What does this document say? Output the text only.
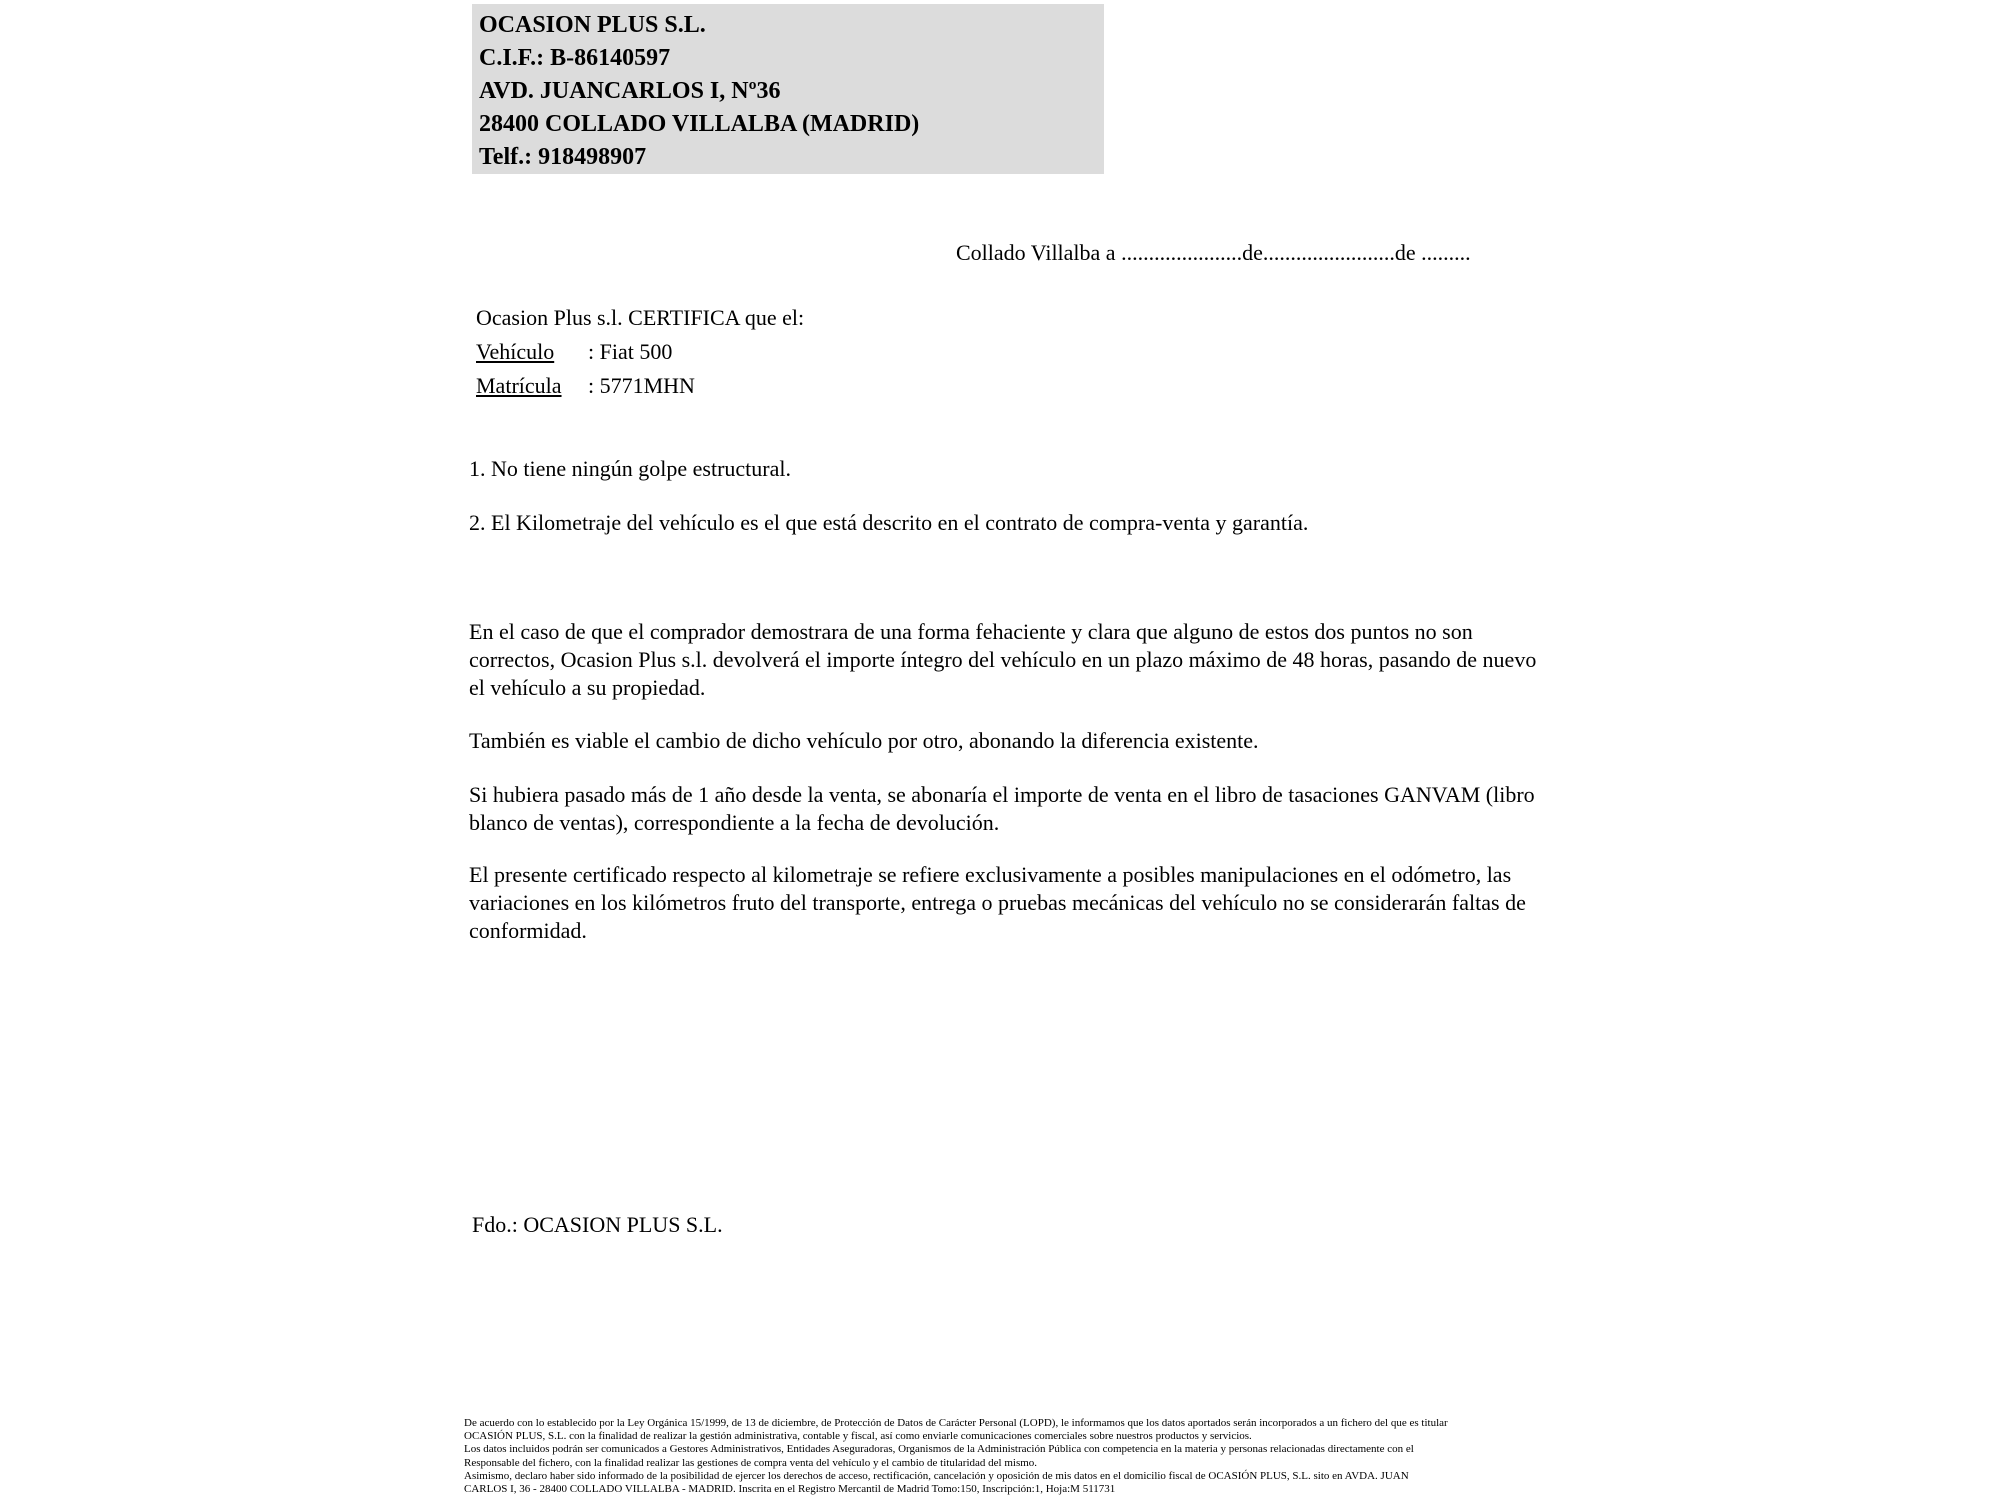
OCASION PLUS S.L.
C.I.F.: B-86140597
AVD. JUANCARLOS I, Nº36
28400 COLLADO VILLALBA (MADRID)
Telf.: 918498907
Collado Villalba a ......................de........................de .........
Ocasion Plus s.l. CERTIFICA que el:
Vehículo : Fiat 500
Matrícula : 5771MHN
1. No tiene ningún golpe estructural.
2. El Kilometraje del vehículo es el que está descrito en el contrato de compra-venta y garantía.
En el caso de que el comprador demostrara de una forma fehaciente y clara que alguno de estos dos puntos no son correctos, Ocasion Plus s.l. devolverá el importe íntegro del vehículo en un plazo máximo de 48 horas, pasando de nuevo el vehículo a su propiedad.
También es viable el cambio de dicho vehículo por otro, abonando la diferencia existente.
Si hubiera pasado más de 1 año desde la venta, se abonaría el importe de venta en el libro de tasaciones GANVAM (libro blanco de ventas), correspondiente a la fecha de devolución.
El presente certificado respecto al kilometraje se refiere exclusivamente a posibles manipulaciones en el odómetro, las variaciones en los kilómetros fruto del transporte, entrega o pruebas mecánicas del vehículo no se considerarán faltas de conformidad.
Fdo.: OCASION PLUS S.L.
De acuerdo con lo establecido por la Ley Orgánica 15/1999, de 13 de diciembre, de Protección de Datos de Carácter Personal (LOPD), le informamos que los datos aportados serán incorporados a un fichero del que es titular
OCASIÓN PLUS, S.L. con la finalidad de realizar la gestión administrativa, contable y fiscal, así como enviarle comunicaciones comerciales sobre nuestros productos y servicios.
Los datos incluidos podrán ser comunicados a Gestores Administrativos, Entidades Aseguradoras, Organismos de la Administración Pública con competencia en la materia y personas relacionadas directamente con el
Responsable del fichero, con la finalidad realizar las gestiones de compra venta del vehículo y el cambio de titularidad del mismo.
Asimismo, declaro haber sido informado de la posibilidad de ejercer los derechos de acceso, rectificación, cancelación y oposición de mis datos en el domicilio fiscal de OCASIÓN PLUS, S.L. sito en AVDA. JUAN
CARLOS I, 36 - 28400 COLLADO VILLALBA - MADRID. Inscrita en el Registro Mercantil de Madrid Tomo:150, Inscripción:1, Hoja:M 511731
